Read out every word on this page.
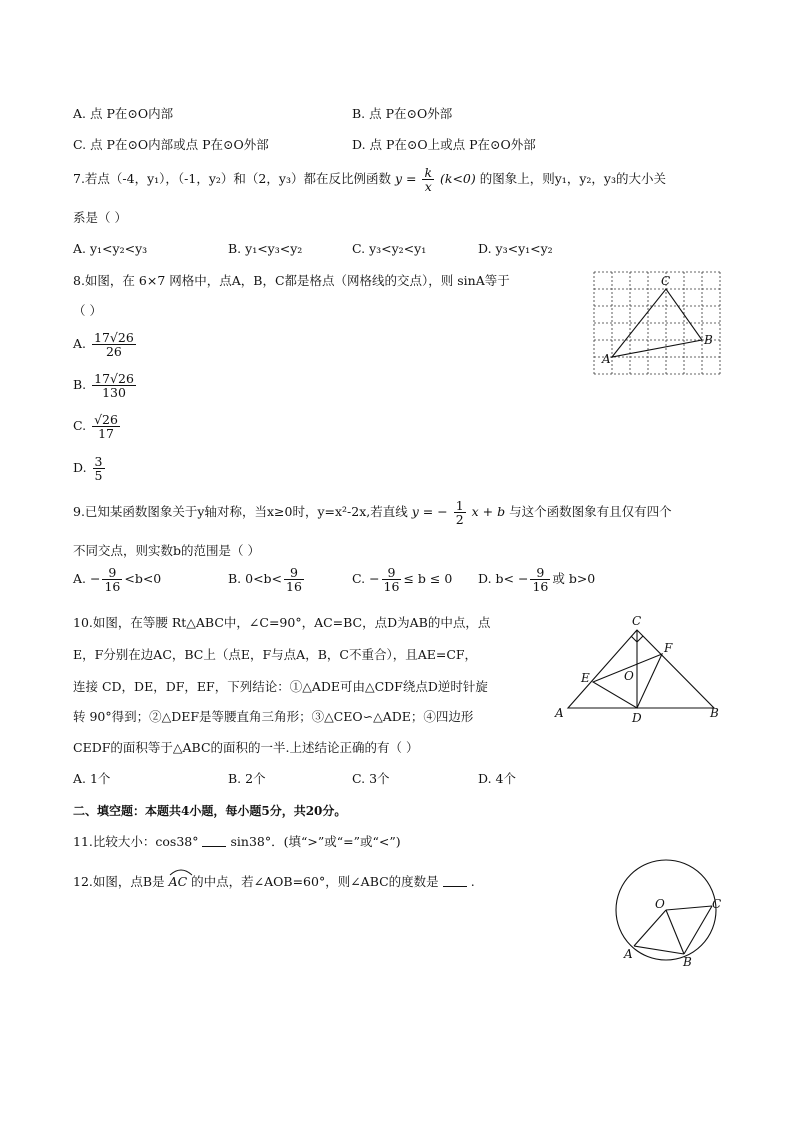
A. 点 P在⊙O内部	B. 点 P在⊙O外部
C. 点 P在⊙O内部或点 P在⊙O外部	D. 点 P在⊙O上或点 P在⊙O外部
7.若点（-4，y₁），（-1，y₂）和（2，y₃）都在反比例函数 $y = \frac{k}{x} (k<0)$ 的图象上，则y₁，y₂，y₃的大小关
系是（ ）
A. y₁<y₂<y₃	B. y₁<y₃<y₂	C. y₃<y₂<y₁	D. y₃<y₁<y₂
8.如图，在 6×7 网格中，点A，B，C都是格点（网格线的交点），则 sinA等于
（ ）
A. $\frac{17√26}{26}$
B. $\frac{17√26}{130}$
C. $\frac{√26}{17}$
D. $\frac{3}{5}$
A
B
C
9.已知某函数图象关于y轴对称，当x≥0时，y=x²-2x,若直线 y = − $\frac{1}{2}$ x + b 与这个函数图象有且仅有四个
不同交点，则实数b的范围是（ ）
A. − $\frac{9}{16} <b<0$	B. $0<b< \frac{9}{16}$	C. − $\frac{9}{16} \le b \le 0$ D. $b< - \frac{9}{16}$ 或 b>0
10.如图，在等腰 Rt△ABC中，∠C=90°，AC=BC，点D为AB的中点，点
E，F分别在边AC，BC上（点E，F与点A，B，C不重合），且AE=CF，
连接 CD，DE，DF，EF，下列结论：①△ADE可由△CDF绕点D逆时针旋
转 90°得到；②△DEF是等腰直角三角形；③△CEO∽△ADE；④四边形
CEDF的面积等于△ABC的面积的一半.上述结论正确的有（ ）
A. 1个	B. 2个	C. 3个	D. 4个
C
F
E	O
A	D	B
二、填空题：本题共4小题，每小题5分，共20分。
11.比较大小：cos38°	sin38°．(填“>”或“=”或“<”)
12.如图，点B是 AC 的中点，若∠AOB=60°，则∠ABC的度数是	.
O
A
B
C
